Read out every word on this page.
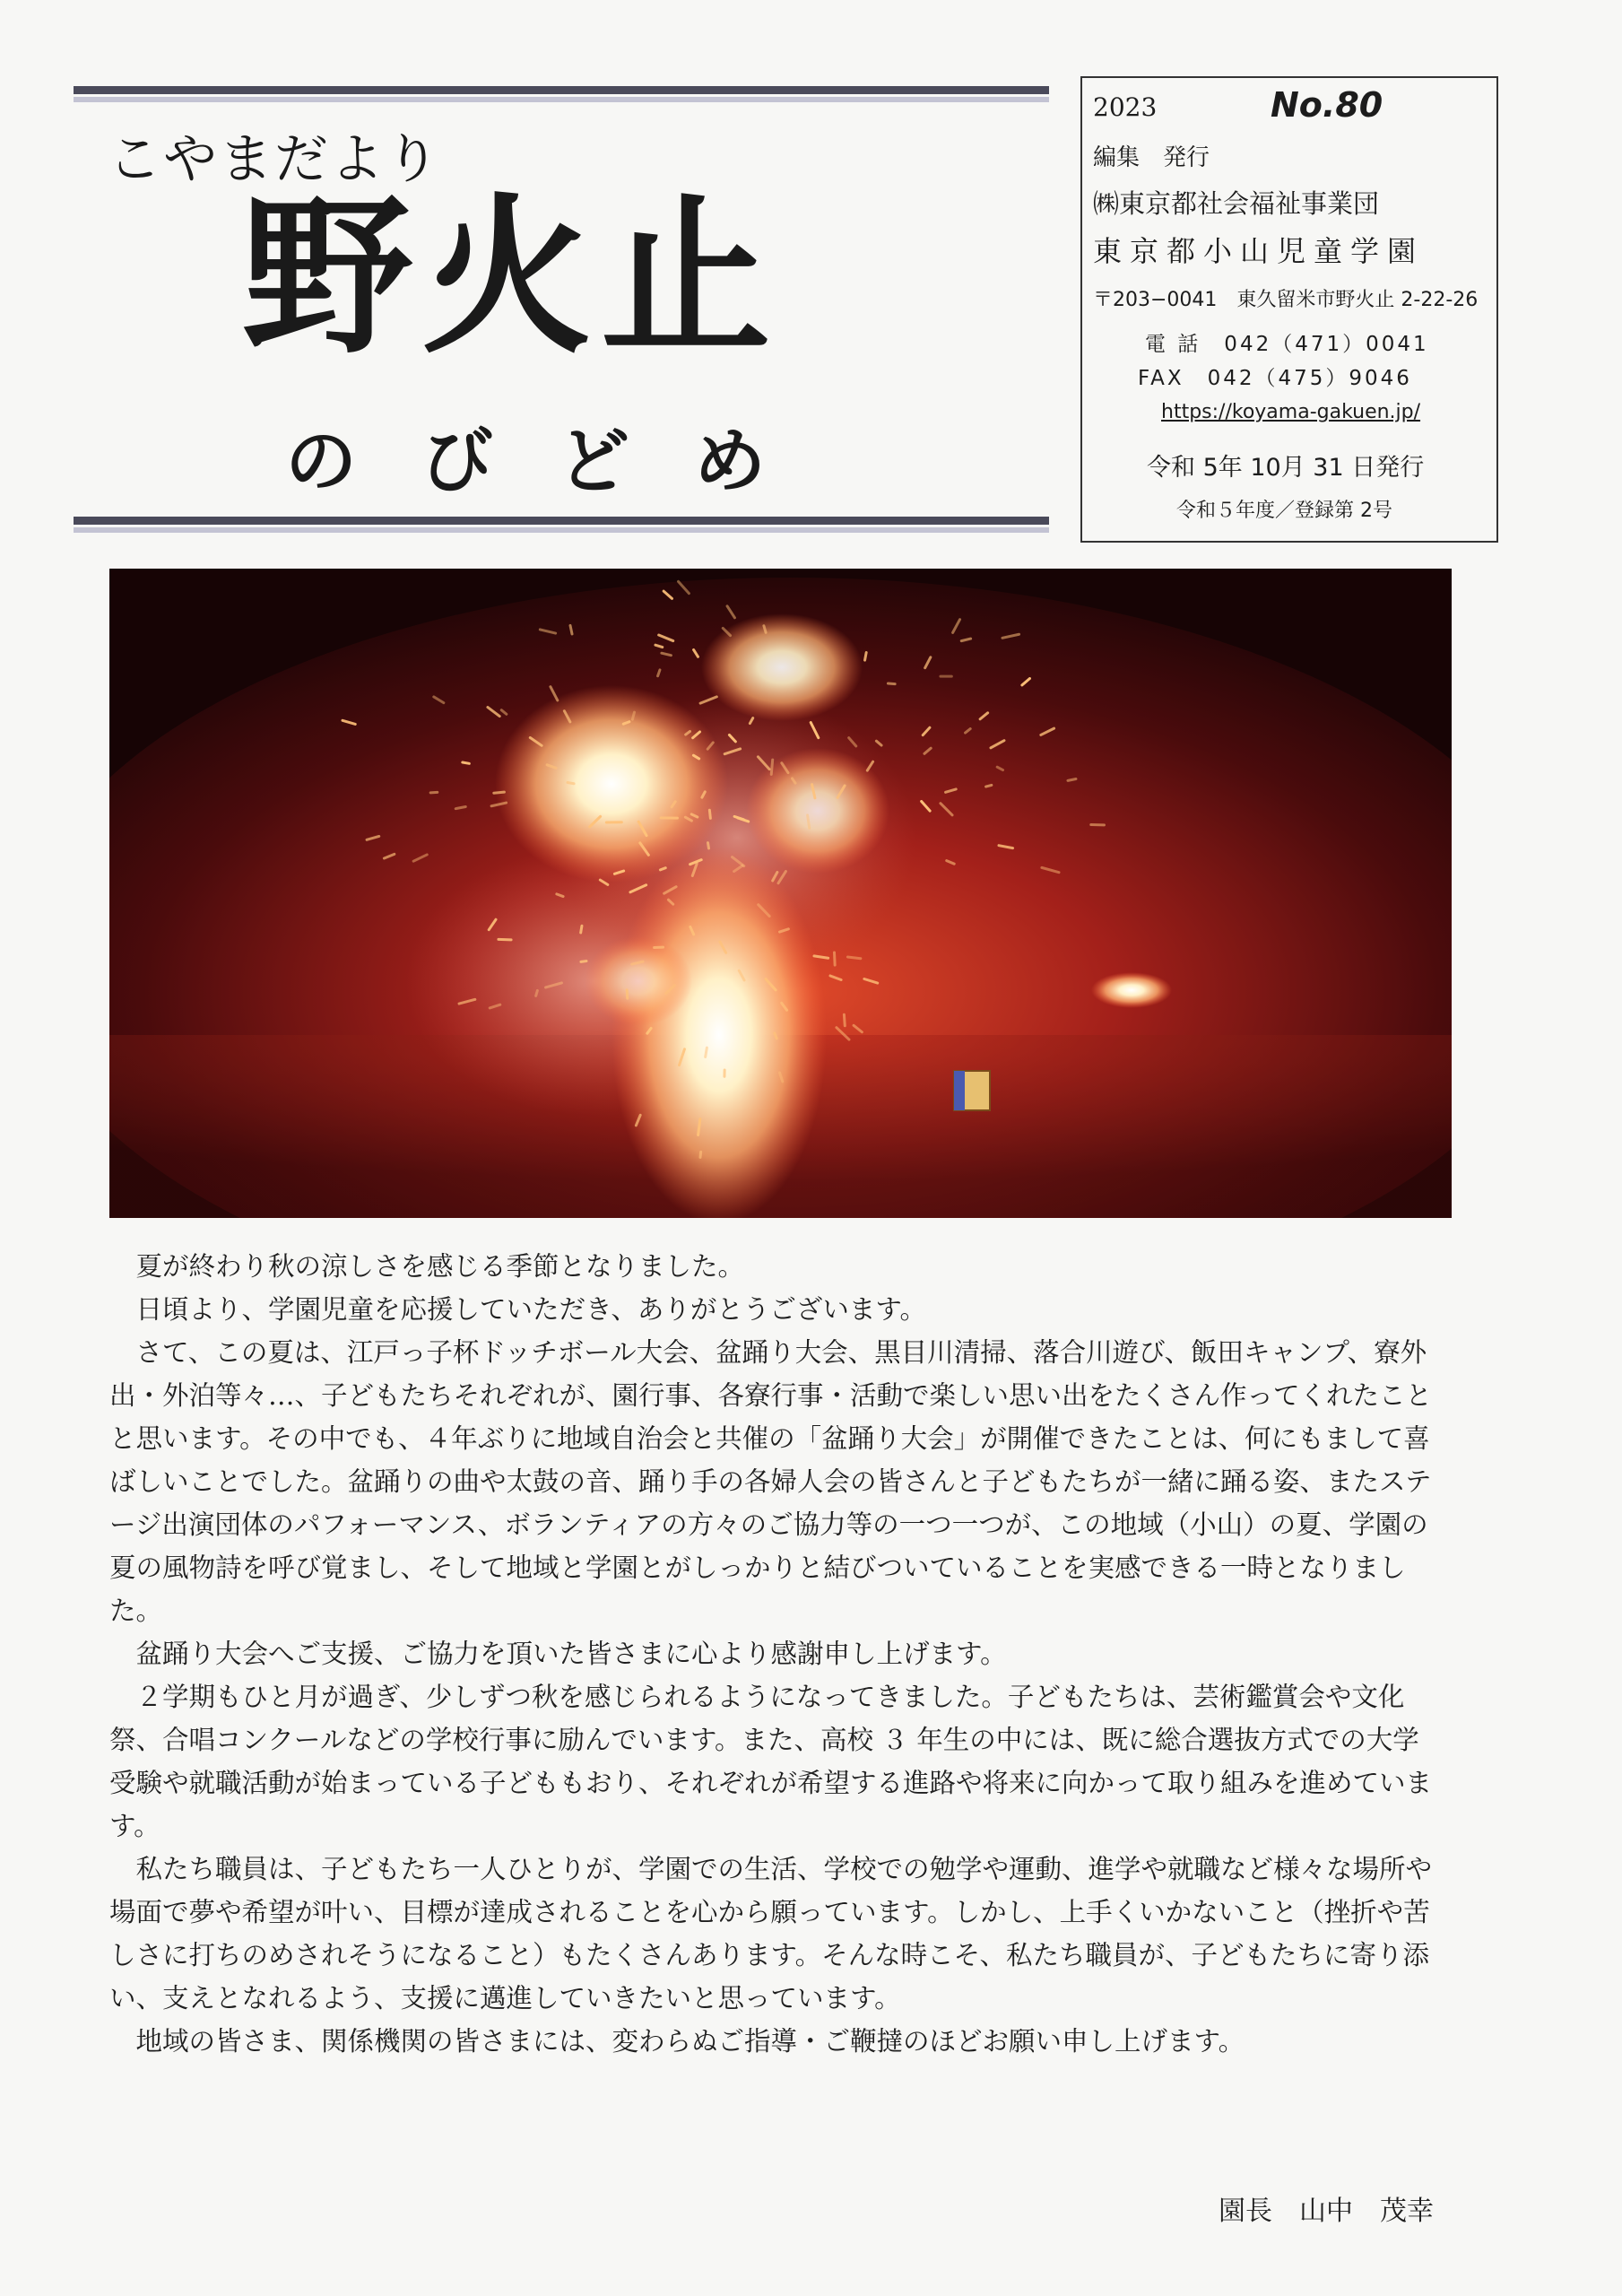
こやまだより
野火止
のびどめ
2023	No.80
編集　発行
㈱東京都社会福祉事業団
東京都小山児童学園
〒203−0041　東久留米市野火止 2-22-26
電 話　042（471）0041
FAX　042（475）9046
https://koyama-gakuen.jp/
令和 5年 10月 31 日発行
令和５年度／登録第 2号

夏が終わり秋の涼しさを感じる季節となりました。

日頃より、学園児童を応援していただき、ありがとうございます。

さて、この夏は、江戸っ子杯ドッチボール大会、盆踊り大会、黒目川清掃、落合川遊び、飯田キャンプ、寮外出・外泊等々…、子どもたちそれぞれが、園行事、各寮行事・活動で楽しい思い出をたくさん作ってくれたことと思います。その中でも、４年ぶりに地域自治会と共催の「盆踊り大会」が開催できたことは、何にもまして喜ばしいことでした。盆踊りの曲や太鼓の音、踊り手の各婦人会の皆さんと子どもたちが一緒に踊る姿、またステージ出演団体のパフォーマンス、ボランティアの方々のご協力等の一つ一つが、この地域（小山）の夏、学園の夏の風物詩を呼び覚まし、そして地域と学園とがしっかりと結びついていることを実感できる一時となりました。

盆踊り大会へご支援、ご協力を頂いた皆さまに心より感謝申し上げます。

２学期もひと月が過ぎ、少しずつ秋を感じられるようになってきました。子どもたちは、芸術鑑賞会や文化祭、合唱コンクールなどの学校行事に励んでいます。また、高校 ３ 年生の中には、既に総合選抜方式での大学受験や就職活動が始まっている子どももおり、それぞれが希望する進路や将来に向かって取り組みを進めています。

私たち職員は、子どもたち一人ひとりが、学園での生活、学校での勉学や運動、進学や就職など様々な場所や場面で夢や希望が叶い、目標が達成されることを心から願っています。しかし、上手くいかないこと（挫折や苦しさに打ちのめされそうになること）もたくさんあります。そんな時こそ、私たち職員が、子どもたちに寄り添い、支えとなれるよう、支援に邁進していきたいと思っています。

地域の皆さま、関係機関の皆さまには、変わらぬご指導・ご鞭撻のほどお願い申し上げます。

園長　山中　茂幸
